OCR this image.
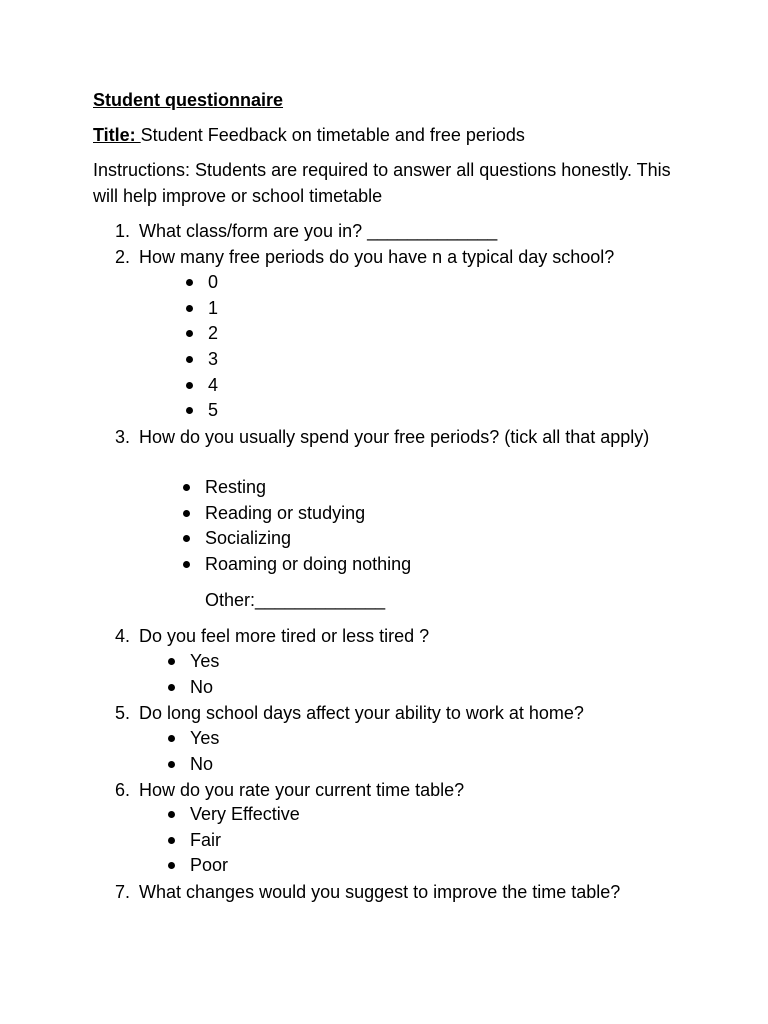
Student questionnaire
Title: Student Feedback on timetable and free periods
Instructions: Students are required to answer all questions honestly. This will help improve or school timetable
1. What class/form are you in? _____________
2. How many free periods do you have n a typical day school?
0
1
2
3
4
5
3. How do you usually spend your free periods? (tick all that apply)
Resting
Reading or studying
Socializing
Roaming or doing nothing
Other:_____________
4. Do you feel more tired or less tired ?
Yes
No
5. Do long school days affect your ability to work at home?
Yes
No
6. How do you rate your current time table?
Very Effective
Fair
Poor
7. What changes would you suggest to improve the time table?
